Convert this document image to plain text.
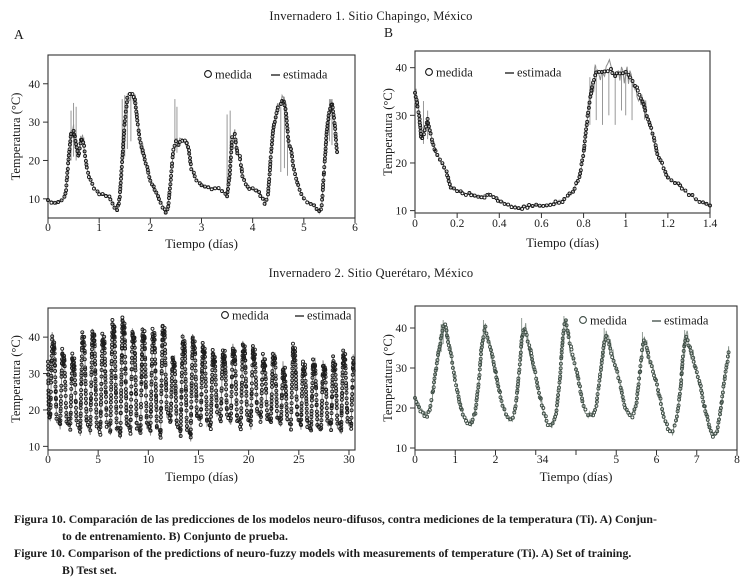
Invernadero 1. Sitio Chapingo, México
A	B
10
20
30
40
0	1	2	3	4	5	6
Temperatura (°C)
Tiempo (días)
medida estimada
10
20
30
40
0	0.2 0.4 0.6 0.8	1	1.2 1.4
Temperatura (°C)
Tiempo (días)
medida	estimada
Invernadero 2. Sitio Querétaro, México
10
20
30
40
0	5	10	15	20	25	30
Temperatura (°C)
Tiempo (días)
medida	estimada
10
20
30
40
0	1	2	34	5	6	7	8
Temperatura (°C)
Tiempo (días)
medida	estimada
Figura 10. Comparación de las predicciones de los modelos neuro-difusos, contra mediciones de la temperatura (Ti). A) Conjun-
to de entrenamiento. B) Conjunto de prueba.
Figure 10. Comparison of the predictions of neuro-fuzzy models with measurements of temperature (Ti). A) Set of training.
B) Test set.
